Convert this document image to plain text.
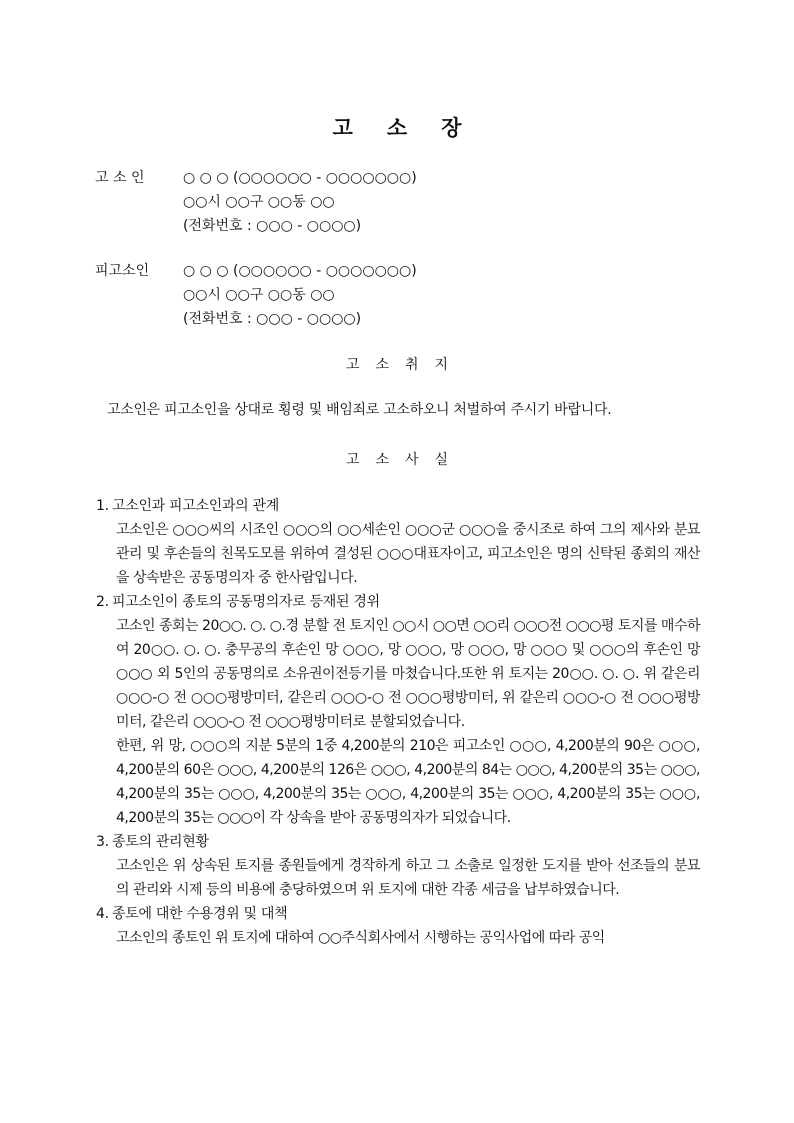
고 소 장
고 소 인	○ ○ ○ (○○○○○○ - ○○○○○○○)
○○시 ○○구 ○○동 ○○
(전화번호 : ○○○ - ○○○○)
피고소인	○ ○ ○ (○○○○○○ - ○○○○○○○)
○○시 ○○구 ○○동 ○○
(전화번호 : ○○○ - ○○○○)
고 소 취 지
고소인은 피고소인을 상대로 횡령 및 배임죄로 고소하오니 처벌하여 주시기 바랍니다.
고 소 사 실
1. 고소인과 피고소인과의 관계
고소인은 ○○○씨의 시조인 ○○○의 ○○세손인 ○○○군 ○○○을 중시조로 하여 그의 제사와 분묘관리 및 후손들의 친목도모를 위하여 결성된 ○○○대표자이고, 피고소인은 명의 신탁된 종회의 재산을 상속받은 공동명의자 중 한사람입니다.
2. 피고소인이 종토의 공동명의자로 등재된 경위
고소인 종회는 20○○. ○. ○.경 분할 전 토지인 ○○시 ○○면 ○○리 ○○○전 ○○○평 토지를 매수하여 20○○. ○. ○. 충무공의 후손인 망 ○○○, 망 ○○○, 망 ○○○, 망 ○○○ 및 ○○○의 후손인 망 ○○○ 외 5인의 공동명의로 소유권이전등기를 마쳤습니다.또한 위 토지는 20○○. ○. ○. 위 같은리 ○○○-○ 전 ○○○평방미터, 같은리 ○○○-○ 전 ○○○평방미터, 위 같은리 ○○○-○ 전 ○○○평방미터, 같은리 ○○○-○ 전 ○○○평방미터로 분할되었습니다.
한편, 위 망, ○○○의 지분 5분의 1중 4,200분의 210은 피고소인 ○○○, 4,200분의 90은 ○○○, 4,200분의 60은 ○○○, 4,200분의 126은 ○○○, 4,200분의 84는 ○○○, 4,200분의 35는 ○○○, 4,200분의 35는 ○○○, 4,200분의 35는 ○○○, 4,200분의 35는 ○○○, 4,200분의 35는 ○○○, 4,200분의 35는 ○○○이 각 상속을 받아 공동명의자가 되었습니다.
3. 종토의 관리현황
고소인은 위 상속된 토지를 종원들에게 경작하게 하고 그 소출로 일정한 도지를 받아 선조들의 분묘의 관리와 시제 등의 비용에 충당하였으며 위 토지에 대한 각종 세금을 납부하였습니다.
4. 종토에 대한 수용경위 및 대책
고소인의 종토인 위 토지에 대하여 ○○주식회사에서 시행하는 공익사업에 따라 공익
